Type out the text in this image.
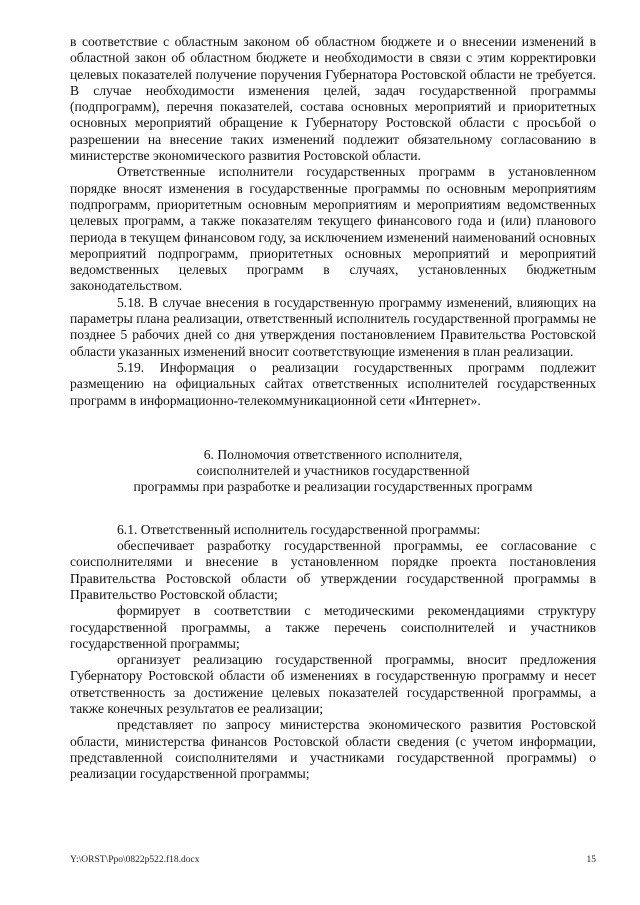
в соответствие с областным законом об областном бюджете и о внесении изменений в областной закон об областном бюджете и необходимости в связи с этим корректировки целевых показателей получение поручения Губернатора Ростовской области не требуется. В случае необходимости изменения целей, задач государственной программы (подпрограмм), перечня показателей, состава основных мероприятий и приоритетных основных мероприятий обращение к Губернатору Ростовской области с просьбой о разрешении на внесение таких изменений подлежит обязательному согласованию в министерстве экономического развития Ростовской области.

Ответственные исполнители государственных программ в установленном порядке вносят изменения в государственные программы по основным мероприятиям подпрограмм, приоритетным основным мероприятиям и мероприятиям ведомственных целевых программ, а также показателям текущего финансового года и (или) планового периода в текущем финансовом году, за исключением изменений наименований основных мероприятий подпрограмм, приоритетных основных мероприятий и мероприятий ведомственных целевых программ в случаях, установленных бюджетным законодательством.

5.18. В случае внесения в государственную программу изменений, влияющих на параметры плана реализации, ответственный исполнитель государственной программы не позднее 5 рабочих дней со дня утверждения постановлением Правительства Ростовской области указанных изменений вносит соответствующие изменения в план реализации.

5.19. Информация о реализации государственных программ подлежит размещению на официальных сайтах ответственных исполнителей государственных программ в информационно-телекоммуникационной сети «Интернет».

6. Полномочия ответственного исполнителя,
соисполнителей и участников государственной
программы при разработке и реализации государственных программ

6.1. Ответственный исполнитель государственной программы:

обеспечивает разработку государственной программы, ее согласование с соисполнителями и внесение в установленном порядке проекта постановления Правительства Ростовской области об утверждении государственной программы в Правительство Ростовской области;

формирует в соответствии с методическими рекомендациями структуру государственной программы, а также перечень соисполнителей и участников государственной программы;

организует реализацию государственной программы, вносит предложения Губернатору Ростовской области об изменениях в государственную программу и несет ответственность за достижение целевых показателей государственной программы, а также конечных результатов ее реализации;

представляет по запросу министерства экономического развития Ростовской области, министерства финансов Ростовской области сведения (с учетом информации, представленной соисполнителями и участниками государственной программы) о реализации государственной программы;

Y:\ORST\Ppo\0822p522.f18.docx	15
